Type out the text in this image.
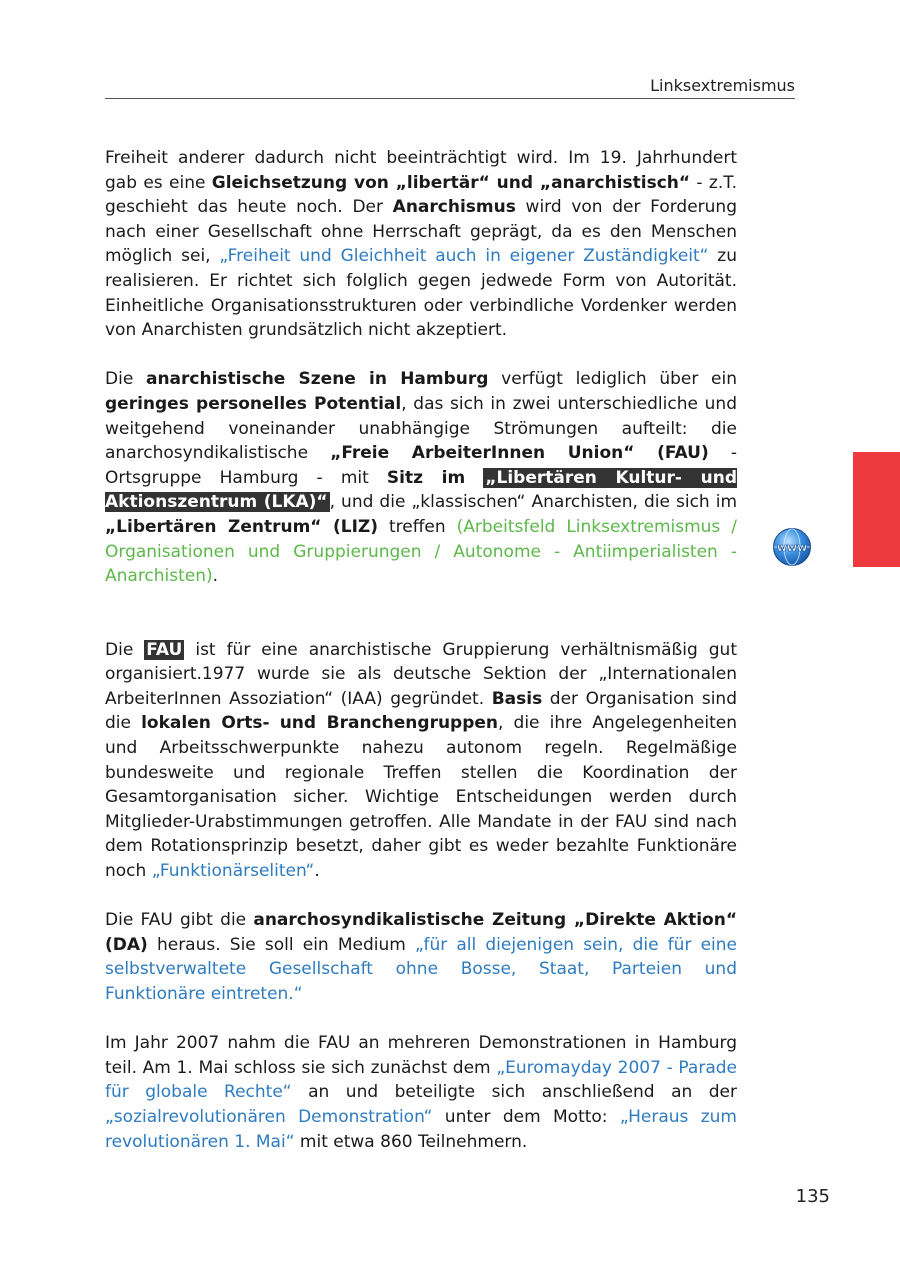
Linksextremismus
www

Freiheit anderer dadurch nicht beeinträchtigt wird. Im 19. Jahrhundert gab es eine Gleichsetzung von „libertär“ und „anarchistisch“ - z.T. geschieht das heute noch. Der Anarchismus wird von der Forderung nach einer Gesellschaft ohne Herrschaft geprägt, da es den Menschen möglich sei, „Freiheit und Gleichheit auch in eigener Zuständigkeit“ zu realisieren. Er richtet sich folglich gegen jedwede Form von Autorität. Einheitliche Organisationsstrukturen oder verbindliche Vordenker werden von Anarchisten grundsätzlich nicht akzeptiert.

Die anarchistische Szene in Hamburg verfügt lediglich über ein geringes personelles Potential, das sich in zwei unterschiedliche und weitgehend voneinander unabhängige Strömungen aufteilt: die anarchosyndikalistische „Freie ArbeiterInnen Union“ (FAU) - Ortsgruppe Hamburg - mit Sitz im „Libertären Kultur- und Aktionszentrum (LKA)“ , und die „klassischen“ Anarchisten, die sich im „Libertären Zentrum“ (LIZ) treffen (Arbeitsfeld Linksextremismus / Organisationen und Gruppierungen / Autonome - Antiimperialisten - Anarchisten).

Die FAU ist für eine anarchistische Gruppierung verhältnismäßig gut organisiert.1977 wurde sie als deutsche Sektion der „Internationalen ArbeiterInnen Assoziation“ (IAA) gegründet. Basis der Organisation sind die lokalen Orts- und Branchengruppen, die ihre Angelegenheiten und Arbeitsschwerpunkte nahezu autonom regeln. Regelmäßige bundesweite und regionale Treffen stellen die Koordination der Gesamtorganisation sicher. Wichtige Entscheidungen werden durch Mitglieder-Urabstimmungen getroffen. Alle Mandate in der FAU sind nach dem Rotationsprinzip besetzt, daher gibt es weder bezahlte Funktionäre noch „Funktionärseliten“.

Die FAU gibt die anarchosyndikalistische Zeitung „Direkte Aktion“ (DA) heraus. Sie soll ein Medium „für all diejenigen sein, die für eine selbstverwaltete Gesellschaft ohne Bosse, Staat, Parteien und Funktionäre eintreten.“

Im Jahr 2007 nahm die FAU an mehreren Demonstrationen in Hamburg teil. Am 1. Mai schloss sie sich zunächst dem „Euromayday 2007 - Parade für globale Rechte“ an und beteiligte sich anschließend an der „sozialrevolutionären Demonstration“ unter dem Motto: „Heraus zum revolutionären 1. Mai“ mit etwa 860 Teilnehmern.

135
